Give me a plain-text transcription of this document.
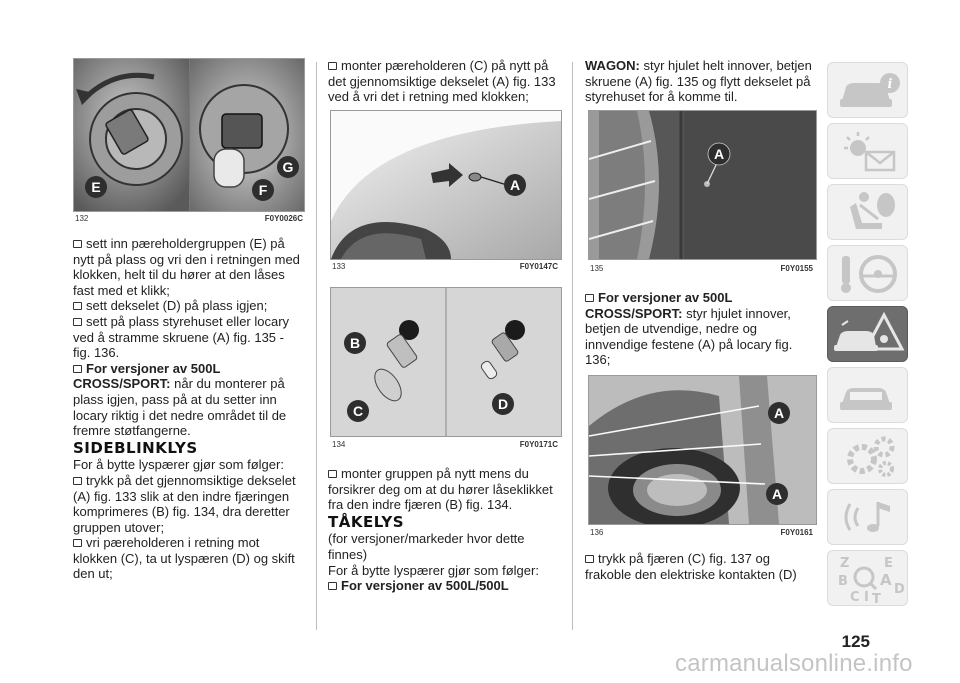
E	F
G
132	F0Y0026C

sett inn pæreholdergruppen (E) på nytt på plass og vri den i retningen med klokken, helt til du hører at den låses fast med et klikk;

sett dekselet (D) på plass igjen;

sett på plass styrehuset eller locary ved å stramme skruene (A) fig. 135 - fig. 136.

For versjoner av 500L CROSS/SPORT: når du monterer på plass igjen, pass på at du setter inn locary riktig i det nedre området til de fremre støtfangerne.

SIDEBLINKLYS

For å bytte lyspærer gjør som følger:

trykk på det gjennomsiktige dekselet (A) fig. 133 slik at den indre fjæringen komprimeres (B) fig. 134, dra deretter gruppen utover;

vri pæreholderen i retning mot klokken (C), ta ut lyspæren (D) og skift den ut;

monter pæreholderen (C) på nytt på det gjennomsiktige dekselet (A) fig. 133 ved å vri det i retning med klokken;

A
133	F0Y0147C
B
C	D
134	F0Y0171C

monter gruppen på nytt mens du forsikrer deg om at du hører låseklikket fra den indre fjæren (B) fig. 134.

TÅKELYS

(for versjoner/markeder hvor dette finnes)

For å bytte lyspærer gjør som følger:

For versjoner av 500L/500L

WAGON: styr hjulet helt innover, betjen skruene (A) fig. 135 og flytt dekselet på styrehuset for å komme til.

A
135	F0Y0155

For versjoner av 500L CROSS/SPORT: styr hjulet innover, betjen de utvendige, nedre og innvendige festene (A) på locary fig. 136;

A
A
136	F0Y0161

trykk på fjæren (C) fig. 137 og frakoble den elektriske kontakten (D)

i
Z	E
B A
C
D
I T
125
carmanualsonline.info
